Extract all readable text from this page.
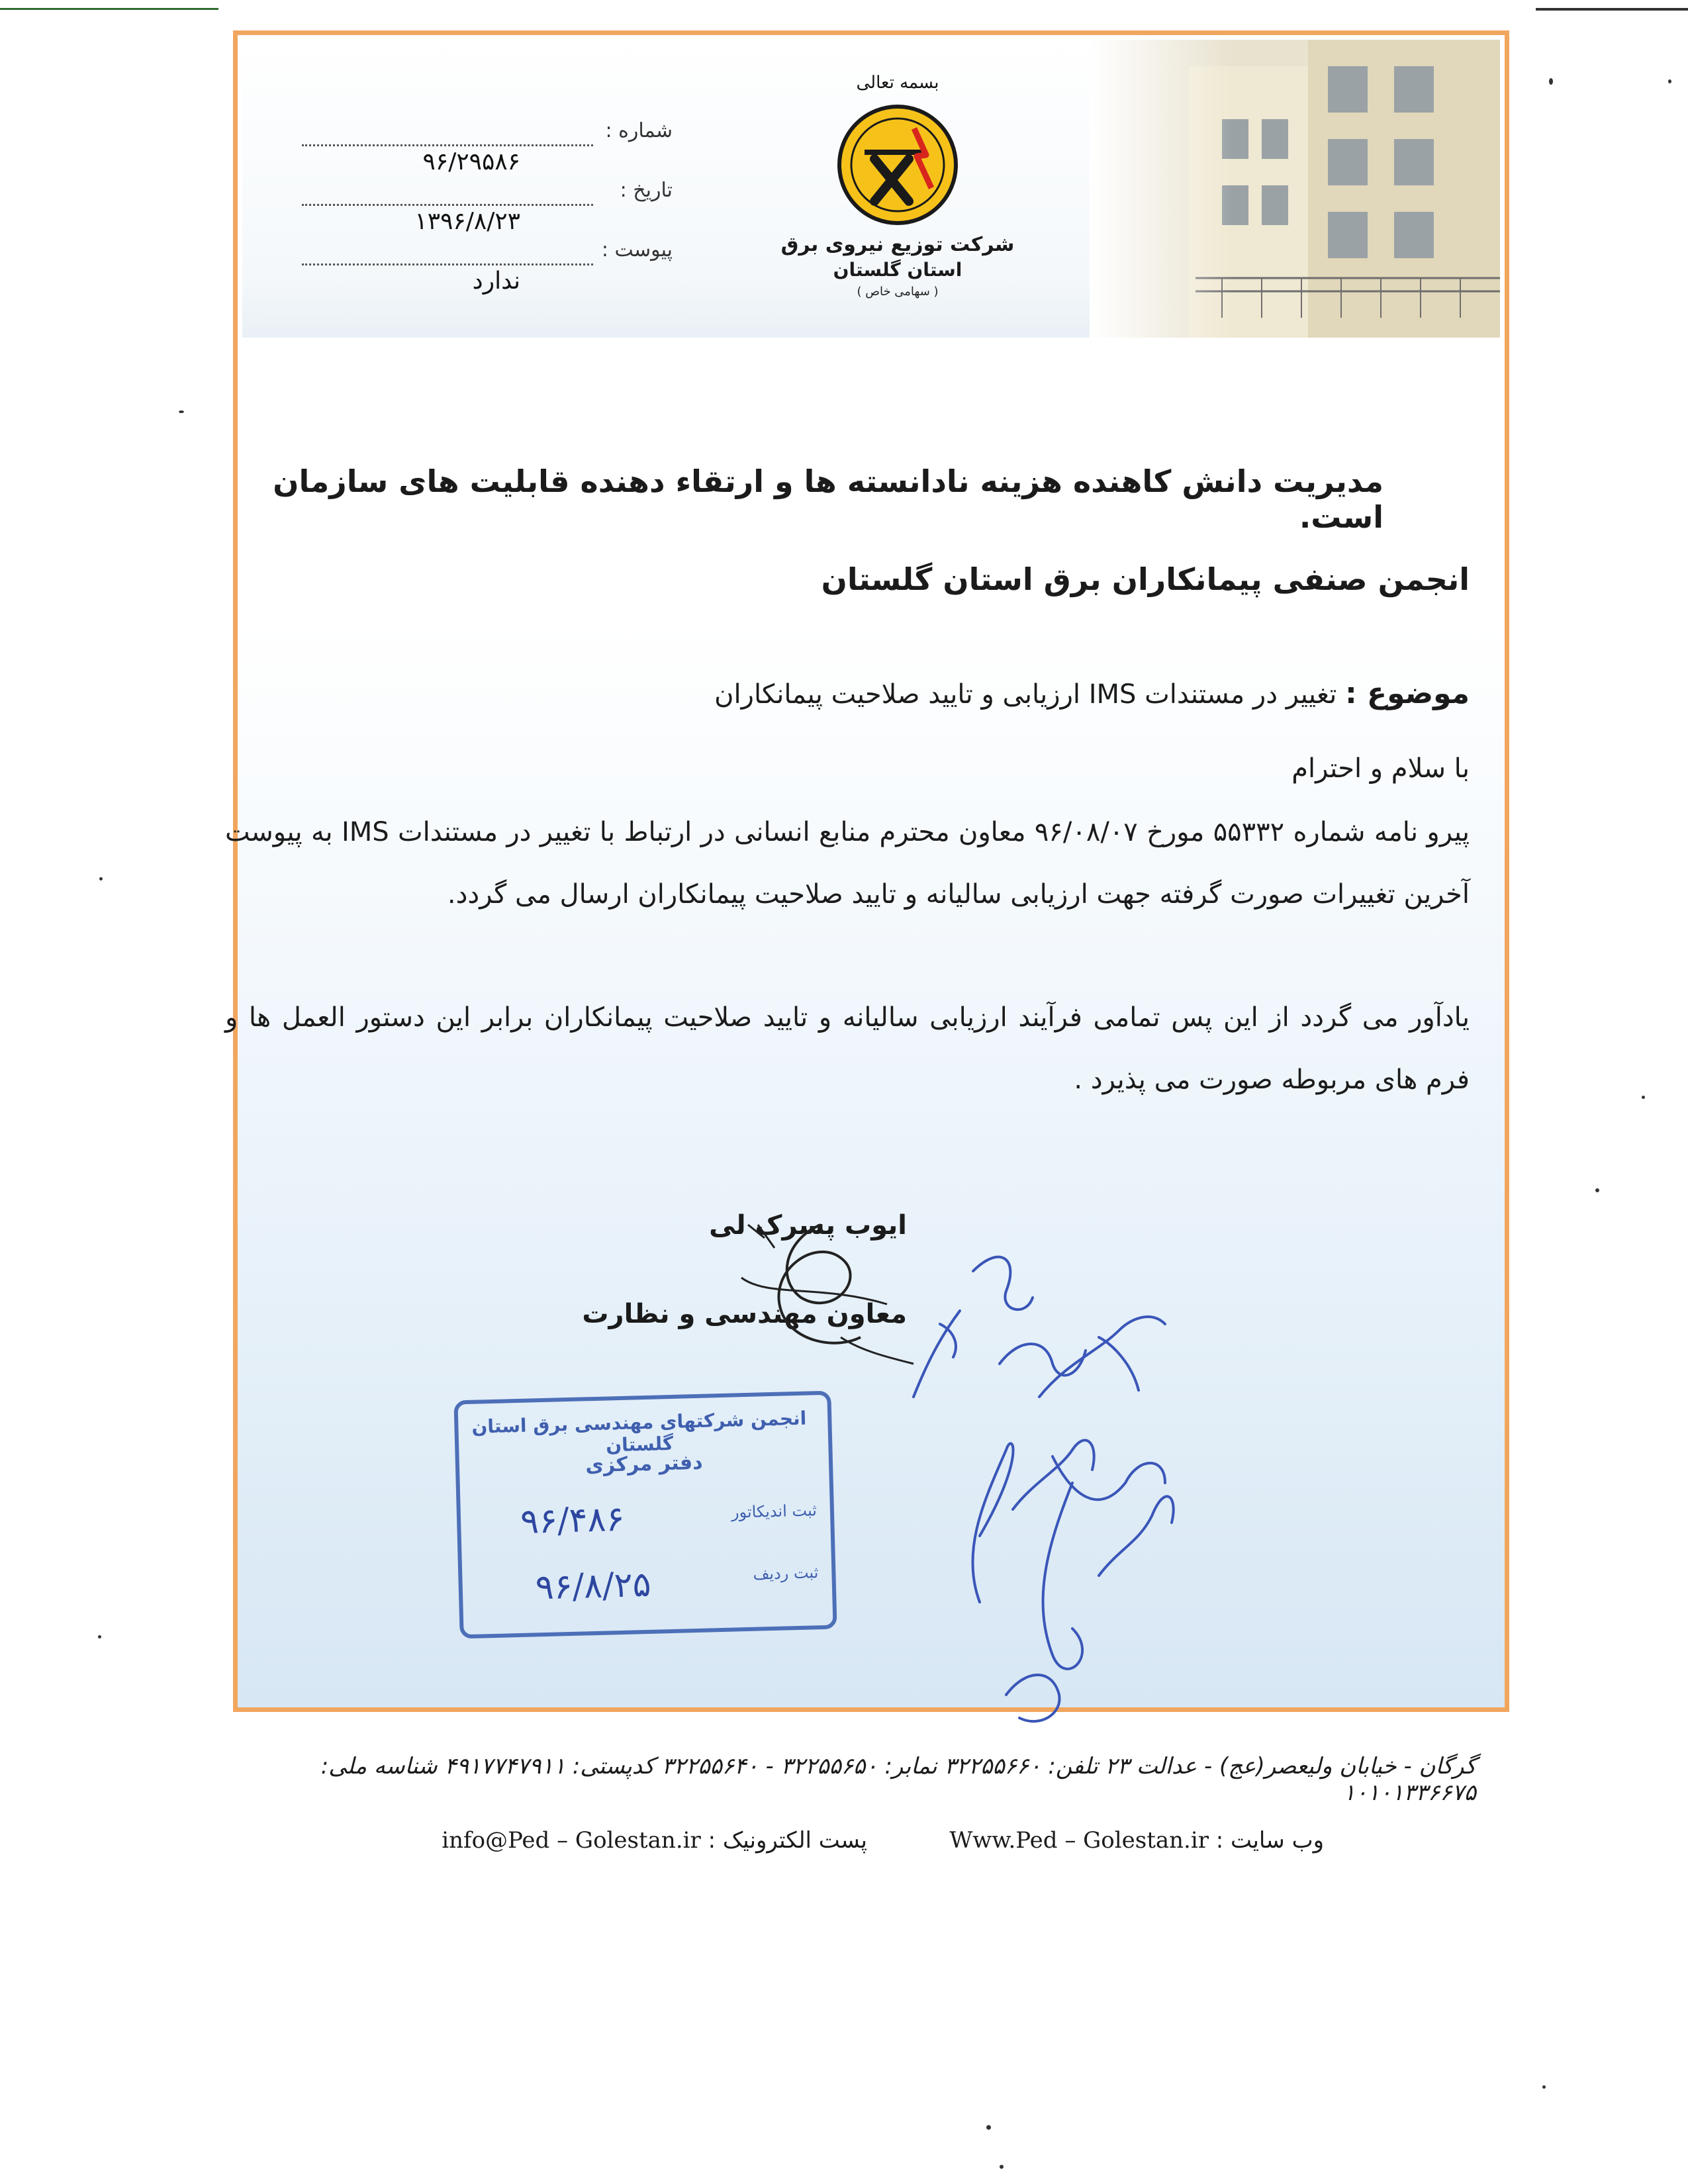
شماره :
۹۶/۲۹۵۸۶
تاریخ :
۱۳۹۶/۸/۲۳
پیوست :
ندارد
بسمه تعالی
شرکت توزیع نیروی برق
استان گلستان
( سهامی خاص )
مدیریت دانش کاهنده هزینه نادانسته ها و ارتقاء دهنده قابلیت های سازمان است.
انجمن صنفی پیمانکاران برق استان گلستان
موضوع : تغییر در مستندات IMS ارزیابی و تایید صلاحیت پیمانکاران
با سلام و احترام
پیرو نامه شماره ۵۵۳۳۲ مورخ ۹۶/۰۸/۰۷ معاون محترم منابع انسانی در ارتباط با تغییر در مستندات IMS به پیوست آخرین تغییرات صورت گرفته جهت ارزیابی سالیانه و تایید صلاحیت پیمانکاران ارسال می گردد.
یادآور می گردد از این پس تمامی فرآیند ارزیابی سالیانه و تایید صلاحیت پیمانکاران برابر این دستور العمل ها و فرم های مربوطه صورت می پذیرد .
ایوب پسرک لی
معاون مهندسی و نظارت
انجمن شرکتهای مهندسی برق استان گلستان
دفتر مرکزی
ثبت اندیکاتور
۹۶/۴۸۶
ثبت ردیف
۹۶/۸/۲۵
گرگان - خیابان ولیعصر(عج) - عدالت ۲۳ تلفن: ۳۲۲۵۵۶۶۰ نمابر: ۳۲۲۵۵۶۵۰ - ۳۲۲۵۵۶۴۰ کدپستی: ۴۹۱۷۷۴۷۹۱۱ شناسه ملی: ۱۰۱۰۱۳۳۶۶۷۵
وب سایت : Www.Ped – Golestan.ir
پست الکترونیک : info@Ped – Golestan.ir
